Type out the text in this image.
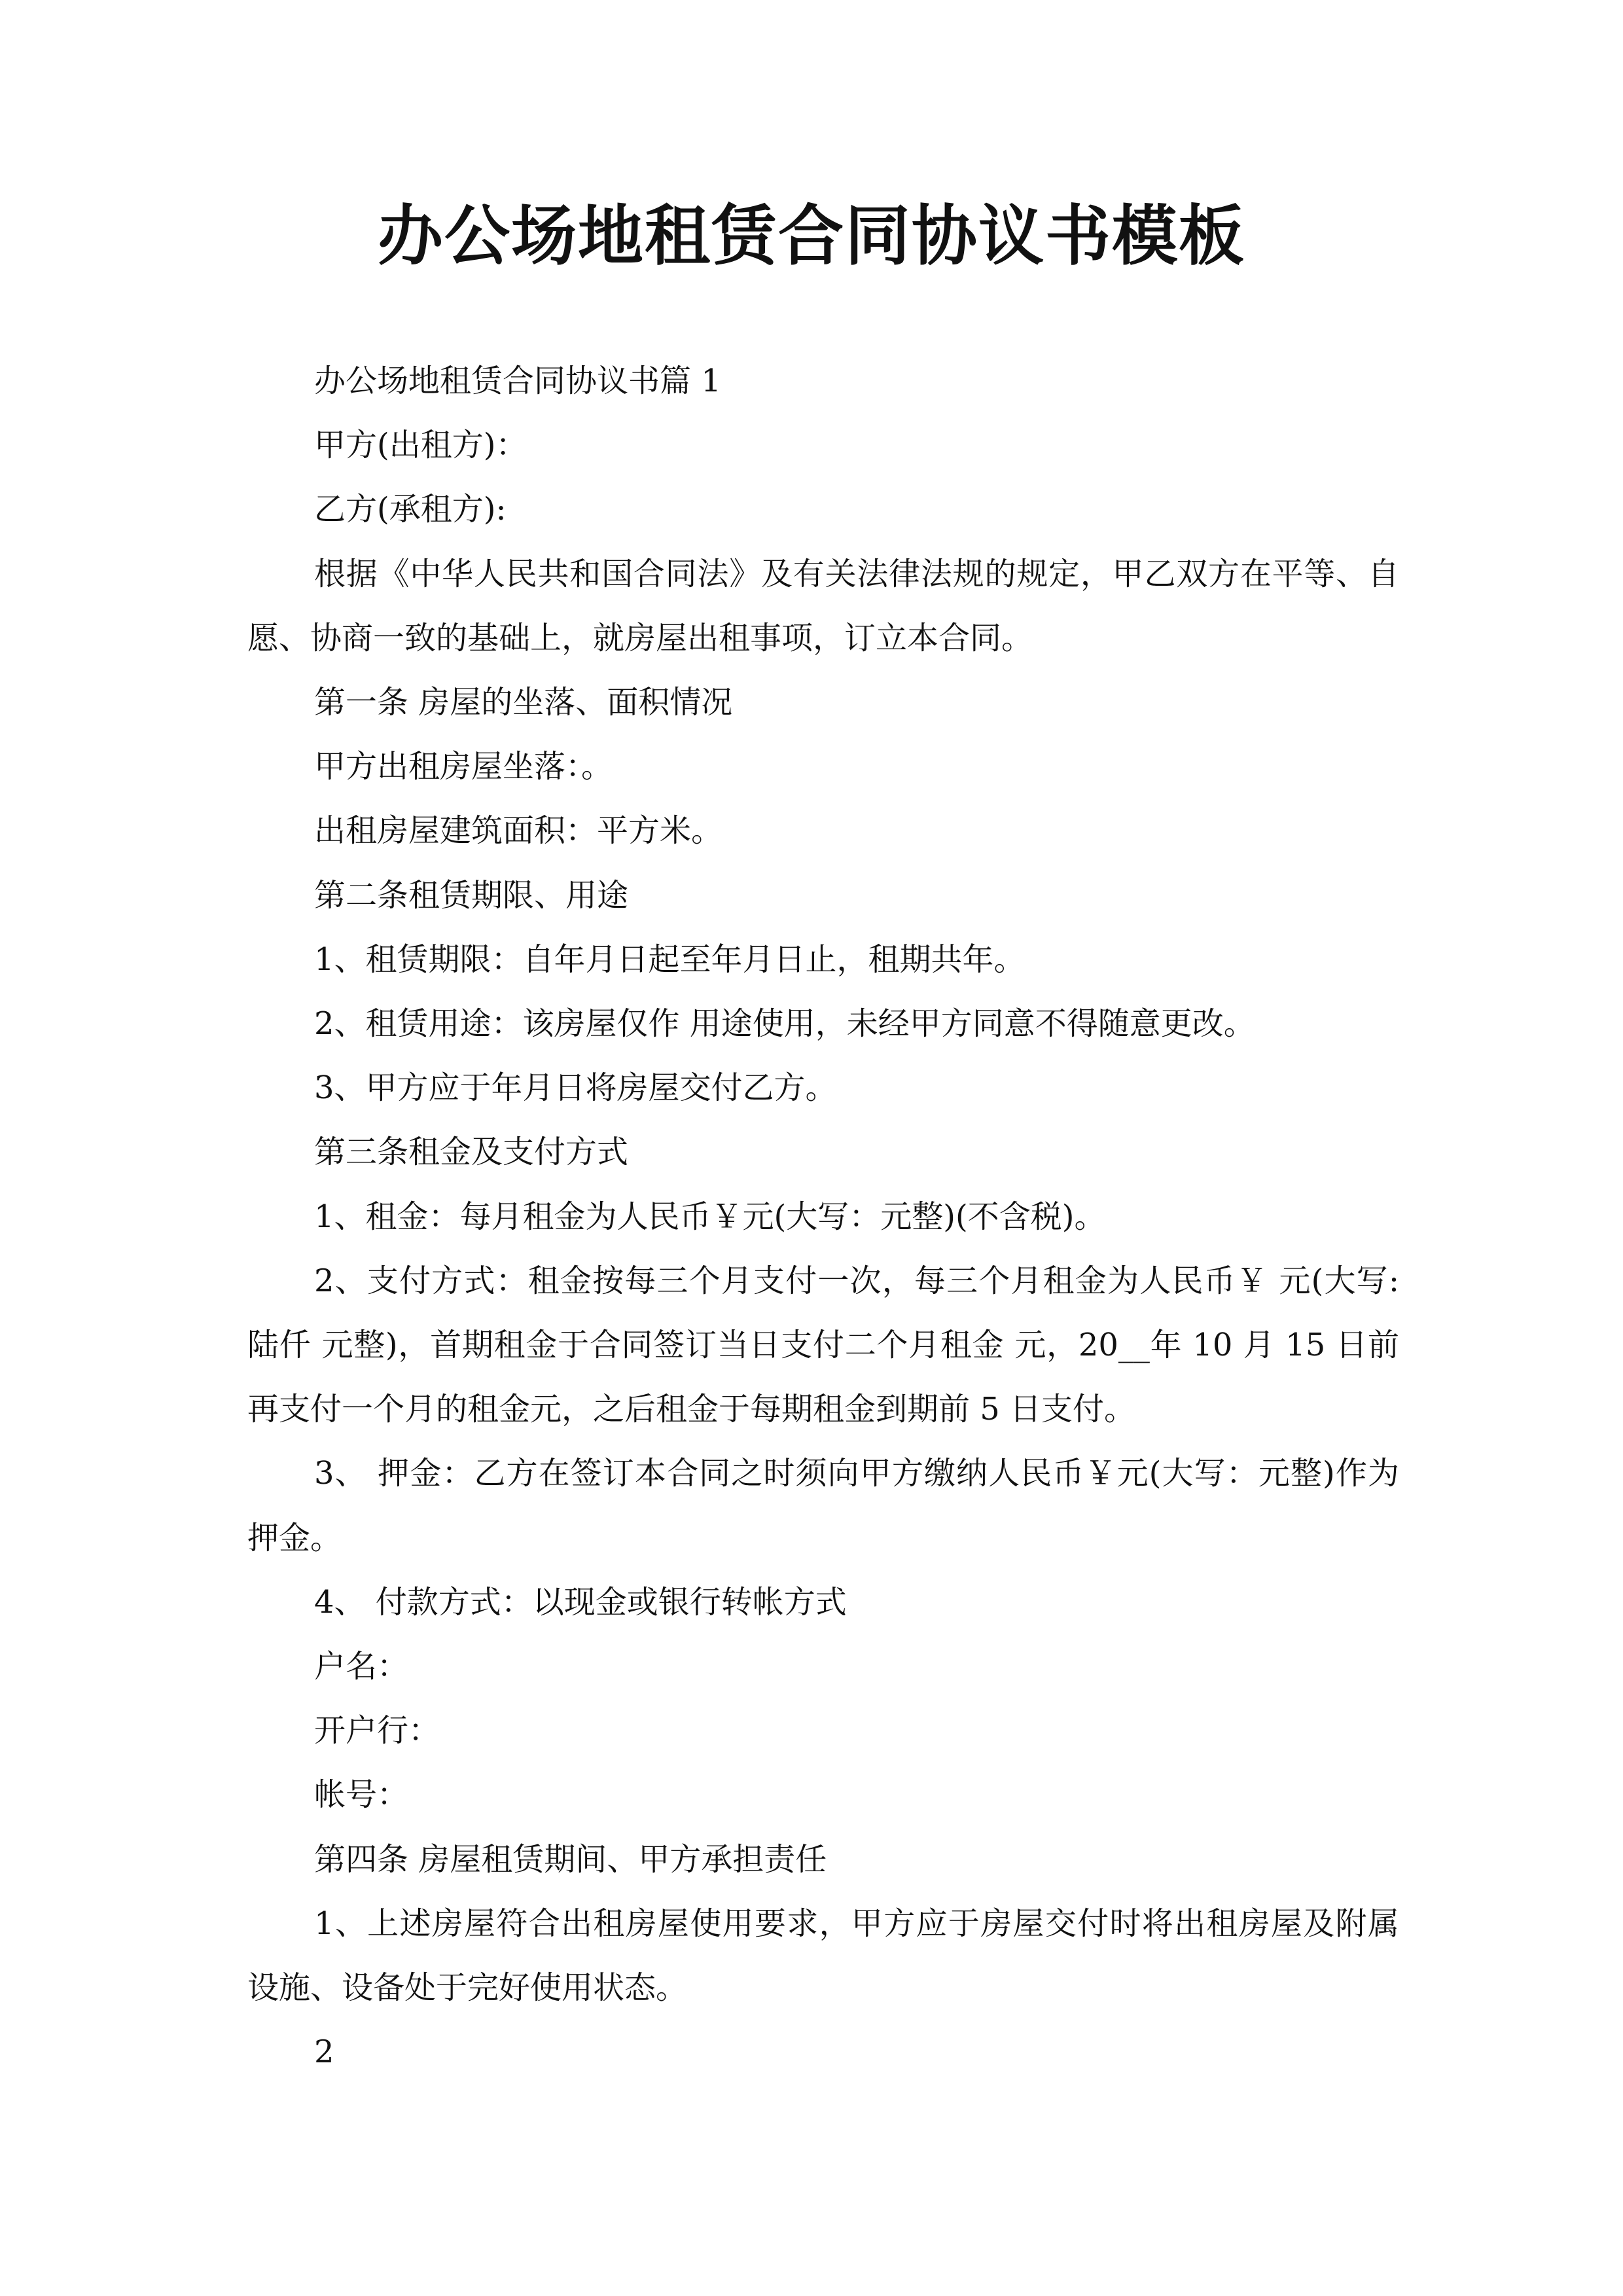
办公场地租赁合同协议书模板

办公场地租赁合同协议书篇 1

甲方(出租方)：

乙方(承租方):

根据《中华人民共和国合同法》及有关法律法规的规定，甲乙双方在平等、自愿、协商一致的基础上，就房屋出租事项，订立本合同。

第一条 房屋的坐落、面积情况

甲方出租房屋坐落：。

出租房屋建筑面积：平方米。

第二条租赁期限、用途

1、租赁期限：自年月日起至年月日止，租期共年。

2、租赁用途：该房屋仅作 用途使用，未经甲方同意不得随意更改。

3、甲方应于年月日将房屋交付乙方。

第三条租金及支付方式

1、租金：每月租金为人民币￥元(大写：元整)(不含税)。

2、支付方式：租金按每三个月支付一次，每三个月租金为人民币￥ 元(大写: 陆仟 元整)，首期租金于合同签订当日支付二个月租金 元，20__年 10 月 15 日前再支付一个月的租金元，之后租金于每期租金到期前 5 日支付。

3、 押金：乙方在签订本合同之时须向甲方缴纳人民币￥元(大写：元整)作为押金。

4、 付款方式：以现金或银行转帐方式

户名：

开户行：

帐号：

第四条 房屋租赁期间、甲方承担责任

1、上述房屋符合出租房屋使用要求，甲方应于房屋交付时将出租房屋及附属设施、设备处于完好使用状态。

2
